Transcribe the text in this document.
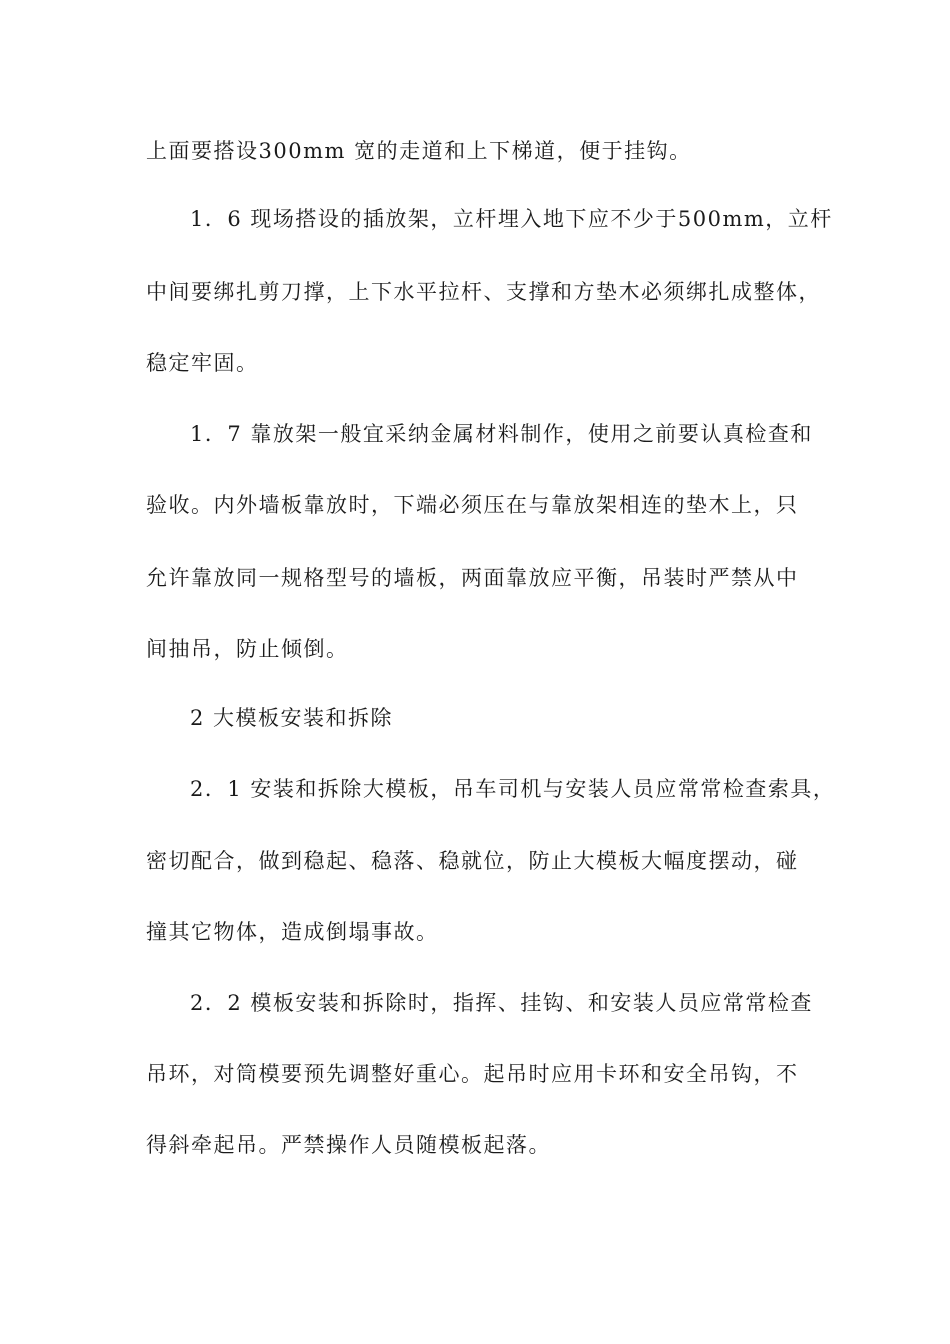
上面要搭设300mm 宽的走道和上下梯道，便于挂钩。
1．6 现场搭设的插放架，立杆埋入地下应不少于500mm，立杆
中间要绑扎剪刀撑，上下水平拉杆、支撑和方垫木必须绑扎成整体，
稳定牢固。
1．7 靠放架一般宜采纳金属材料制作，使用之前要认真检查和
验收。内外墙板靠放时，下端必须压在与靠放架相连的垫木上，只
允许靠放同一规格型号的墙板，两面靠放应平衡，吊装时严禁从中
间抽吊，防止倾倒。
2 大模板安装和拆除
2．1 安装和拆除大模板，吊车司机与安装人员应常常检查索具，
密切配合，做到稳起、稳落、稳就位，防止大模板大幅度摆动，碰
撞其它物体，造成倒塌事故。
2．2 模板安装和拆除时，指挥、挂钩、和安装人员应常常检查
吊环，对筒模要预先调整好重心。起吊时应用卡环和安全吊钩，不
得斜牵起吊。严禁操作人员随模板起落。
